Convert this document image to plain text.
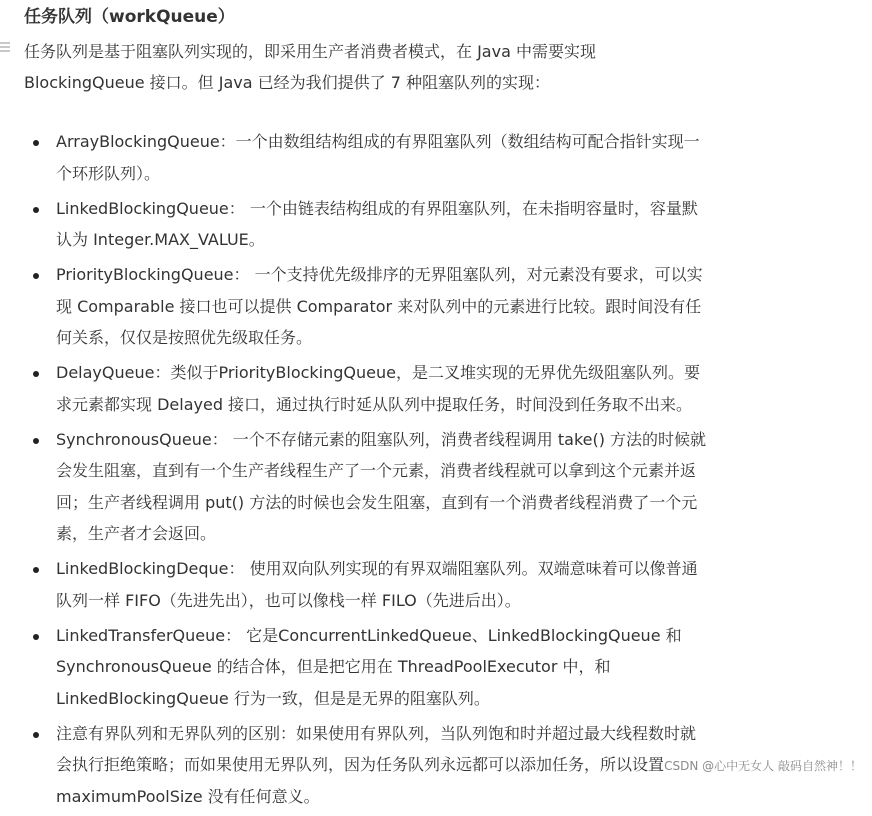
任务队列（workQueue）

任务队列是基于阻塞队列实现的，即采用生产者消费者模式，在 Java 中需要实现

BlockingQueue 接口。但 Java 已经为我们提供了 7 种阻塞队列的实现：

ArrayBlockingQueue：一个由数组结构组成的有界阻塞队列（数组结构可配合指针实现一
个环形队列）。
LinkedBlockingQueue： 一个由链表结构组成的有界阻塞队列，在未指明容量时，容量默
认为 Integer.MAX_VALUE。
PriorityBlockingQueue： 一个支持优先级排序的无界阻塞队列，对元素没有要求，可以实
现 Comparable 接口也可以提供 Comparator 来对队列中的元素进行比较。跟时间没有任
何关系，仅仅是按照优先级取任务。
DelayQueue：类似于PriorityBlockingQueue，是二叉堆实现的无界优先级阻塞队列。要
求元素都实现 Delayed 接口，通过执行时延从队列中提取任务，时间没到任务取不出来。
SynchronousQueue： 一个不存储元素的阻塞队列，消费者线程调用 take() 方法的时候就
会发生阻塞，直到有一个生产者线程生产了一个元素，消费者线程就可以拿到这个元素并返
回；生产者线程调用 put() 方法的时候也会发生阻塞，直到有一个消费者线程消费了一个元
素，生产者才会返回。
LinkedBlockingDeque： 使用双向队列实现的有界双端阻塞队列。双端意味着可以像普通
队列一样 FIFO（先进先出），也可以像栈一样 FILO（先进后出）。
LinkedTransferQueue： 它是ConcurrentLinkedQueue、LinkedBlockingQueue 和
SynchronousQueue 的结合体，但是把它用在 ThreadPoolExecutor 中，和
LinkedBlockingQueue 行为一致，但是是无界的阻塞队列。
注意有界队列和无界队列的区别：如果使用有界队列，当队列饱和时并超过最大线程数时就
会执行拒绝策略；而如果使用无界队列，因为任务队列永远都可以添加任务，所以设置
maximumPoolSize 没有任何意义。
CSDN @心中无女人 敲码自然神！！
